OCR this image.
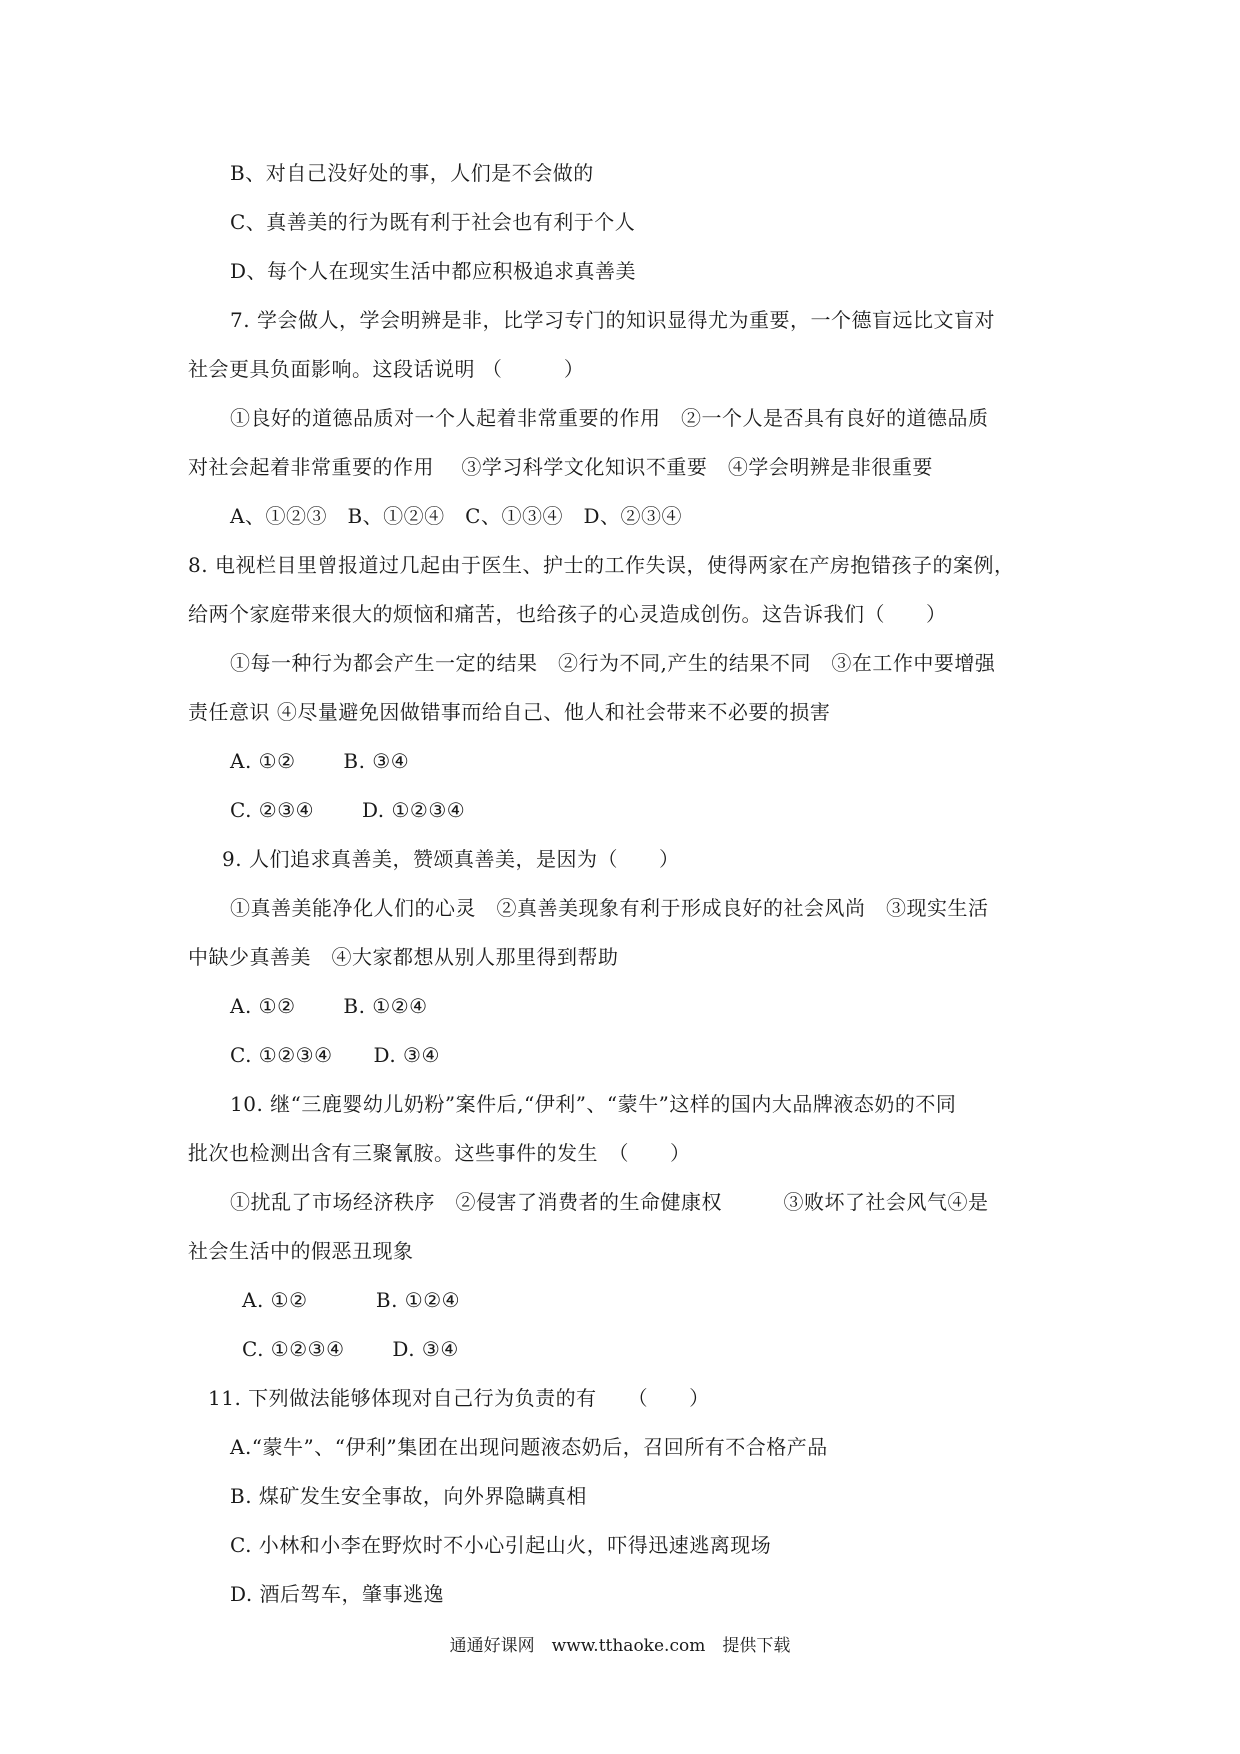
B、对自己没好处的事，人们是不会做的
C、真善美的行为既有利于社会也有利于个人
D、每个人在现实生活中都应积极追求真善美
7. 学会做人，学会明辨是非，比学习专门的知识显得尤为重要，一个德盲远比文盲对
社会更具负面影响。这段话说明 （　　　）
①良好的道德品质对一个人起着非常重要的作用　②一个人是否具有良好的道德品质
对社会起着非常重要的作用　 ③学习科学文化知识不重要　④学会明辨是非很重要
A、①②③　B、①②④　C、①③④　D、②③④
8. 电视栏目里曾报道过几起由于医生、护士的工作失误，使得两家在产房抱错孩子的案例，
给两个家庭带来很大的烦恼和痛苦，也给孩子的心灵造成创伤。这告诉我们（　　）
①每一种行为都会产生一定的结果　②行为不同,产生的结果不同　③在工作中要增强
责任意识 ④尽量避免因做错事而给自己、他人和社会带来不必要的损害
A. ①②　　 B. ③④
C. ②③④　　 D. ①②③④
9. 人们追求真善美，赞颂真善美，是因为（　　）
①真善美能净化人们的心灵　②真善美现象有利于形成良好的社会风尚　③现实生活
中缺少真善美　④大家都想从别人那里得到帮助
A. ①②　　 B. ①②④
C. ①②③④　　D. ③④
10. 继“三鹿婴幼儿奶粉”案件后,“伊利”、“蒙牛”这样的国内大品牌液态奶的不同
批次也检测出含有三聚氰胺。这些事件的发生　（　　）
①扰乱了市场经济秩序　②侵害了消费者的生命健康权　　　③败坏了社会风气④是
社会生活中的假恶丑现象
A. ①②　　　 B. ①②④
C. ①②③④　　 D. ③④
11. 下列做法能够体现对自己行为负责的有　　（　　）
A.“蒙牛”、“伊利”集团在出现问题液态奶后，召回所有不合格产品
B. 煤矿发生安全事故，向外界隐瞒真相
C. 小林和小李在野炊时不小心引起山火，吓得迅速逃离现场
D. 酒后驾车，肇事逃逸
通通好课网　www.tthaoke.com　提供下载
